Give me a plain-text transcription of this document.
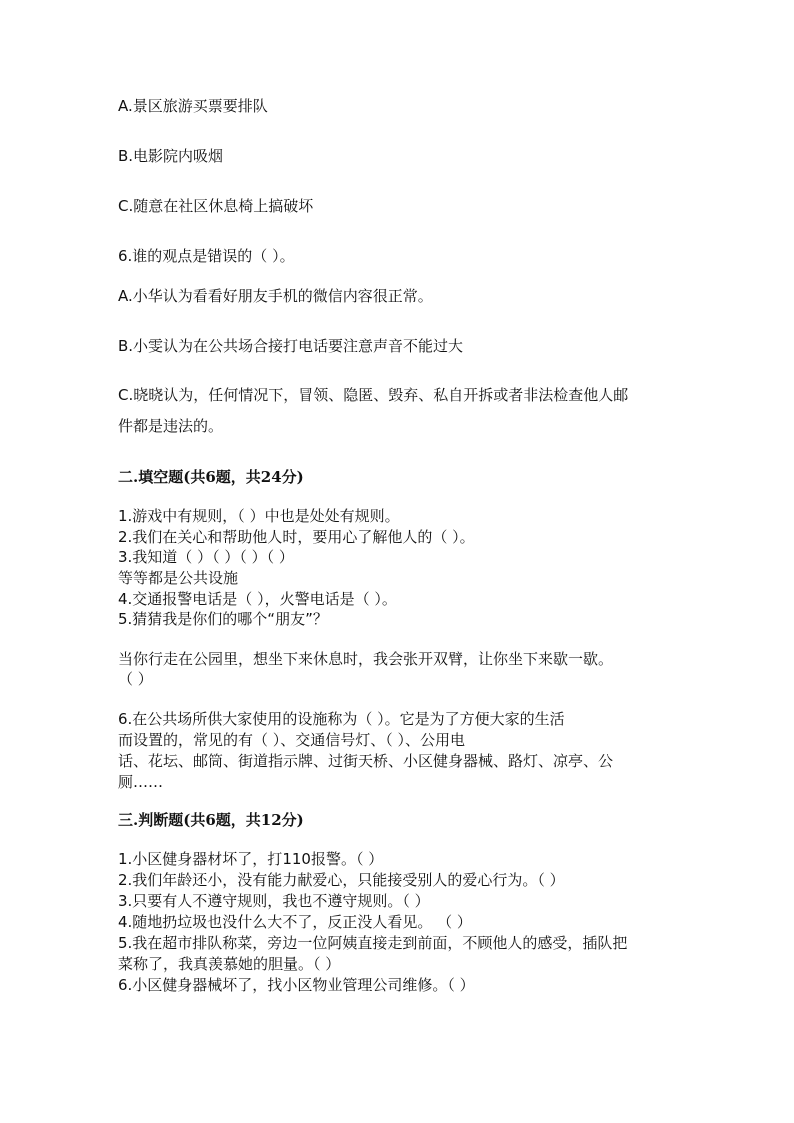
A.景区旅游买票要排队
B.电影院内吸烟
C.随意在社区休息椅上搞破坏
6.谁的观点是错误的（ ）。
A.小华认为看看好朋友手机的微信内容很正常。
B.小雯认为在公共场合接打电话要注意声音不能过大
C.晓晓认为，任何情况下，冒领、隐匿、毁弃、私自开拆或者非法检查他人邮
件都是违法的。
二.填空题(共6题，共24分)
1.游戏中有规则，（ ）中也是处处有规则。
2.我们在关心和帮助他人时，要用心了解他人的（ ）。
3.我知道（ ）（ ）（ ）（ ）
等等都是公共设施
4.交通报警电话是（ ），火警电话是（ ）。
5.猜猜我是你们的哪个“朋友”？
当你行走在公园里，想坐下来休息时，我会张开双臂，让你坐下来歇一歇。
（ ）
6.在公共场所供大家使用的设施称为（ ）。它是为了方便大家的生活
而设置的，常见的有（ ）、交通信号灯、（ ）、公用电
话、花坛、邮筒、街道指示牌、过街天桥、小区健身器械、路灯、凉亭、公
厕……
三.判断题(共6题，共12分)
1.小区健身器材坏了，打110报警。（ ）
2.我们年龄还小，没有能力献爱心，只能接受别人的爱心行为。（ ）
3.只要有人不遵守规则，我也不遵守规则。（ ）
4.随地扔垃圾也没什么大不了，反正没人看见。 （ ）
5.我在超市排队称菜，旁边一位阿姨直接走到前面，不顾他人的感受，插队把
菜称了，我真羡慕她的胆量。（ ）
6.小区健身器械坏了，找小区物业管理公司维修。（ ）
